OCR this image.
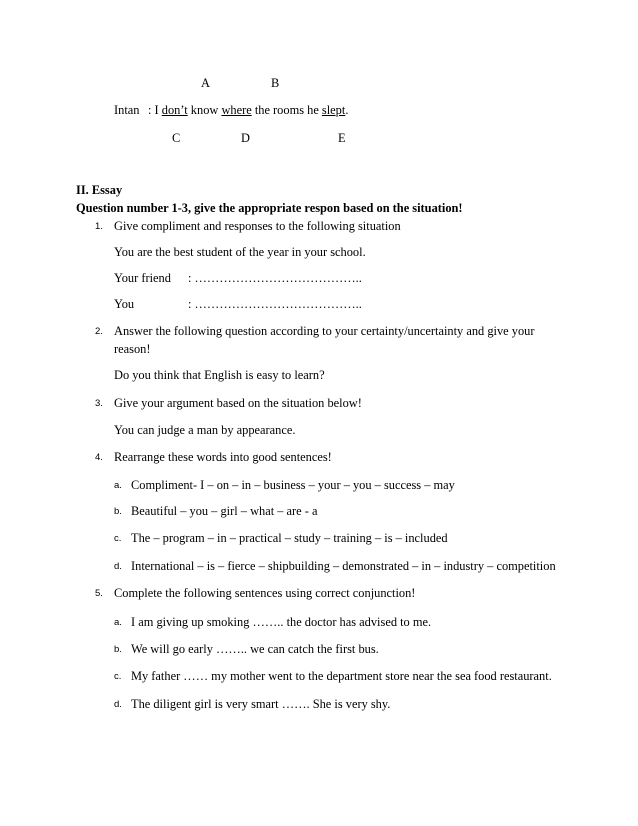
A	B
Intan : I don’t know where the rooms he slept.
C	D	E
II. Essay
Question number 1-3, give the appropriate respon based on the situation!
1. Give compliment and responses to the following situation
You are the best student of the year in your school.
Your friend : …………………………………..
You	: …………………………………..
2. Answer the following question according to your certainty/uncertainty and give your
reason!
Do you think that English is easy to learn?
3. Give your argument based on the situation below!
You can judge a man by appearance.
4. Rearrange these words into good sentences!
a. Compliment- I – on – in – business – your – you – success – may
b. Beautiful – you – girl – what – are - a
c. The – program – in – practical – study – training – is – included
d. International – is – fierce – shipbuilding – demonstrated – in – industry – competition
5. Complete the following sentences using correct conjunction!
a. I am giving up smoking …….. the doctor has advised to me.
b. We will go early …….. we can catch the first bus.
c. My father …… my mother went to the department store near the sea food restaurant.
d. The diligent girl is very smart ……. She is very shy.
